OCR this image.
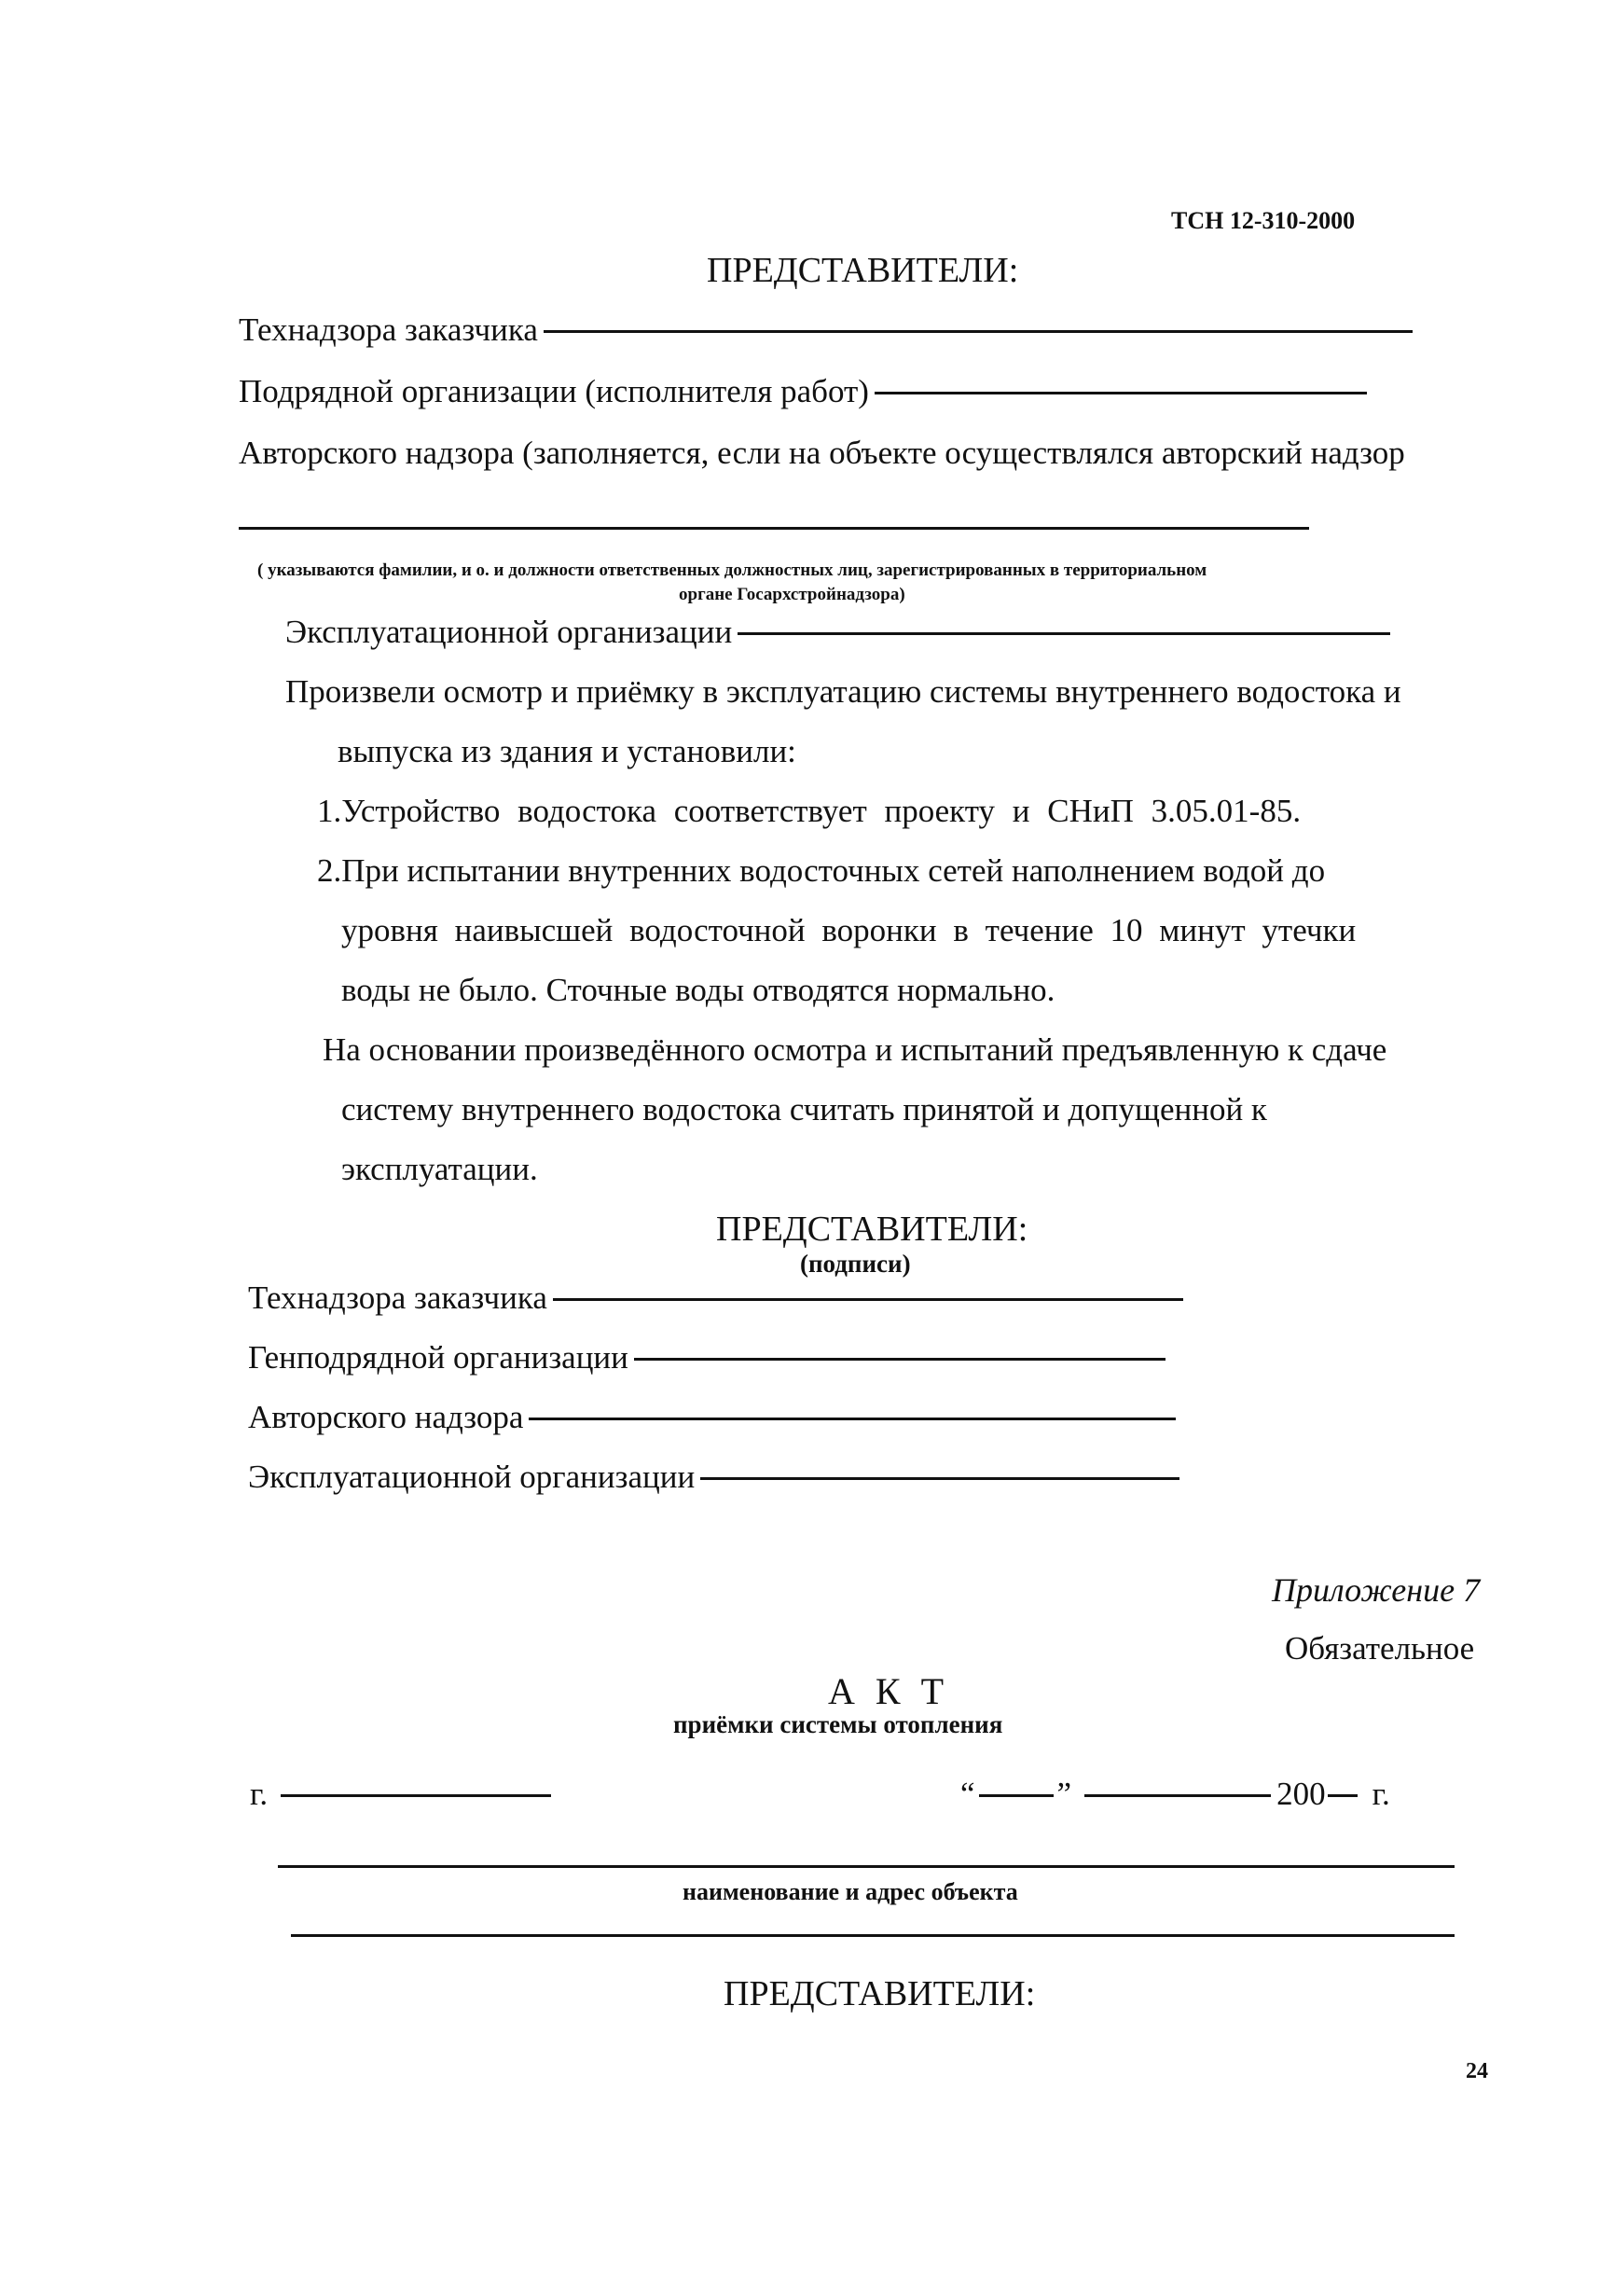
ТСН 12-310-2000
ПРЕДСТАВИТЕЛИ:
Технадзора заказчика
Подрядной организации (исполнителя работ)
Авторского надзора (заполняется, если на объекте осуществлялся авторский надзор
( указываются фамилии, и о. и должности ответственных должностных лиц, зарегистрированных в территориальном
органе Госархстройнадзора)
Эксплуатационной организации
Произвели осмотр и приёмку в эксплуатацию системы внутреннего водостока и
выпуска из здания и установили:
1.Устройство водостока соответствует проекту и СНиП 3.05.01-85.
2.При испытании внутренних водосточных сетей наполнением водой до
уровня наивысшей водосточной воронки в течение 10 минут утечки
воды не было. Сточные воды отводятся нормально.
На основании произведённого осмотра и испытаний предъявленную к сдаче
систему внутреннего водостока считать принятой и допущенной к
эксплуатации.
ПРЕДСТАВИТЕЛИ:
(подписи)
Технадзора заказчика
Генподрядной организации
Авторского надзора
Эксплуатационной организации
Приложение 7
Обязательное
А К Т
приёмки системы отопления
г.	“	”	200 г.
наименование и адрес объекта
ПРЕДСТАВИТЕЛИ:
24
